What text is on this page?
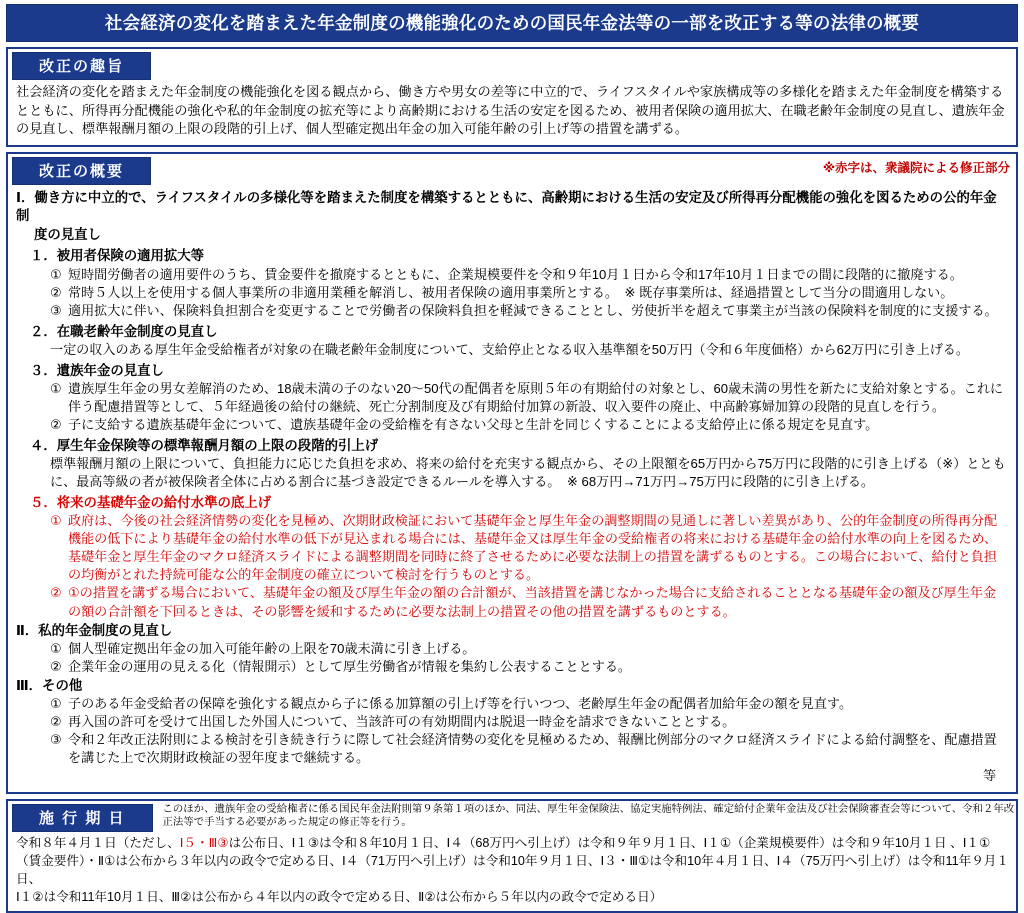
社会経済の変化を踏まえた年金制度の機能強化のための国民年金法等の一部を改正する等の法律の概要
改正の趣旨
社会経済の変化を踏まえた年金制度の機能強化を図る観点から、働き方や男女の差等に中立的で、ライフスタイルや家族構成等の多様化を踏まえた年金制度を構築するとともに、所得再分配機能の強化や私的年金制度の拡充等により高齢期における生活の安定を図るため、被用者保険の適用拡大、在職老齢年金制度の見直し、遺族年金の見直し、標準報酬月額の上限の段階的引上げ、個人型確定拠出年金の加入可能年齢の引上げ等の措置を講ずる。
改正の概要	※赤字は、衆議院による修正部分
Ⅰ．働き方に中立的で、ライフスタイルの多様化等を踏まえた制度を構築するとともに、高齢期における生活の安定及び所得再分配機能の強化を図るための公的年金制
度の見直し
１．被用者保険の適用拡大等
① 短時間労働者の適用要件のうち、賃金要件を撤廃するとともに、企業規模要件を令和９年10月１日から令和17年10月１日までの間に段階的に撤廃する。
② 常時５人以上を使用する個人事業所の非適用業種を解消し、被用者保険の適用事業所とする。　※ 既存事業所は、経過措置として当分の間適用しない。
③ 適用拡大に伴い、保険料負担割合を変更することで労働者の保険料負担を軽減できることとし、労使折半を超えて事業主が当該の保険料を制度的に支援する。
２．在職老齢年金制度の見直し
一定の収入のある厚生年金受給権者が対象の在職老齢年金制度について、支給停止となる収入基準額を50万円（令和６年度価格）から62万円に引き上げる。
３．遺族年金の見直し
① 遺族厚生年金の男女差解消のため、18歳未満の子のない20〜50代の配偶者を原則５年の有期給付の対象とし、60歳未満の男性を新たに支給対象とする。これに伴う配慮措置等として、５年経過後の給付の継続、死亡分割制度及び有期給付加算の新設、収入要件の廃止、中高齢寡婦加算の段階的見直しを行う。
② 子に支給する遺族基礎年金について、遺族基礎年金の受給権を有さない父母と生計を同じくすることによる支給停止に係る規定を見直す。
４．厚生年金保険等の標準報酬月額の上限の段階的引上げ
標準報酬月額の上限について、負担能力に応じた負担を求め、将来の給付を充実する観点から、その上限額を65万円から75万円に段階的に引き上げる（※）とともに、最高等級の者が被保険者全体に占める割合に基づき設定できるルールを導入する。　※ 68万円→71万円→75万円に段階的に引き上げる。
５．将来の基礎年金の給付水準の底上げ
① 政府は、今後の社会経済情勢の変化を見極め、次期財政検証において基礎年金と厚生年金の調整期間の見通しに著しい差異があり、公的年金制度の所得再分配機能の低下により基礎年金の給付水準の低下が見込まれる場合には、基礎年金又は厚生年金の受給権者の将来における基礎年金の給付水準の向上を図るため、基礎年金と厚生年金のマクロ経済スライドによる調整期間を同時に終了させるために必要な法制上の措置を講ずるものとする。この場合において、給付と負担の均衡がとれた持続可能な公的年金制度の確立について検討を行うものとする。
② ①の措置を講ずる場合において、基礎年金の額及び厚生年金の額の合計額が、当該措置を講じなかった場合に支給されることとなる基礎年金の額及び厚生年金の額の合計額を下回るときは、その影響を緩和するために必要な法制上の措置その他の措置を講ずるものとする。
Ⅱ．私的年金制度の見直し
① 個人型確定拠出年金の加入可能年齢の上限を70歳未満に引き上げる。
② 企業年金の運用の見える化（情報開示）として厚生労働省が情報を集約し公表することとする。
Ⅲ．その他
① 子のある年金受給者の保障を強化する観点から子に係る加算額の引上げ等を行いつつ、老齢厚生年金の配偶者加給年金の額を見直す。
② 再入国の許可を受けて出国した外国人について、当該許可の有効期間内は脱退一時金を請求できないこととする。
③ 令和２年改正法附則による検討を引き続き行うに際して社会経済情勢の変化を見極めるため、報酬比例部分のマクロ経済スライドによる給付調整を、配慮措置を講じた上で次期財政検証の翌年度まで継続する。
等
施 行 期 日
このほか、遺族年金の受給権者に係る国民年金法附則第９条第１項のほか、同法、厚生年金保険法、協定実施特例法、確定給付企業年金法及び社会保険審査会等について、令和２年改正法等で手当する必要があった規定の修正等を行う。
令和８年４月１日（ただし、Ⅰ５・Ⅲ③は公布日、Ⅰ１③は令和８年10月１日、Ⅰ４（68万円へ引上げ）は令和９年９月１日、Ⅰ１①（企業規模要件）は令和９年10月１日 、Ⅰ１①
（賃金要件）・Ⅱ①は公布から３年以内の政令で定める日、Ⅰ４（71万円へ引上げ）は令和10年９月１日、Ⅰ３・Ⅲ①は令和10年４月１日、Ⅰ４（75万円へ引上げ）は令和11年９月１日、
Ⅰ１②は令和11年10月１日、Ⅲ②は公布から４年以内の政令で定める日、Ⅱ②は公布から５年以内の政令で定める日）
